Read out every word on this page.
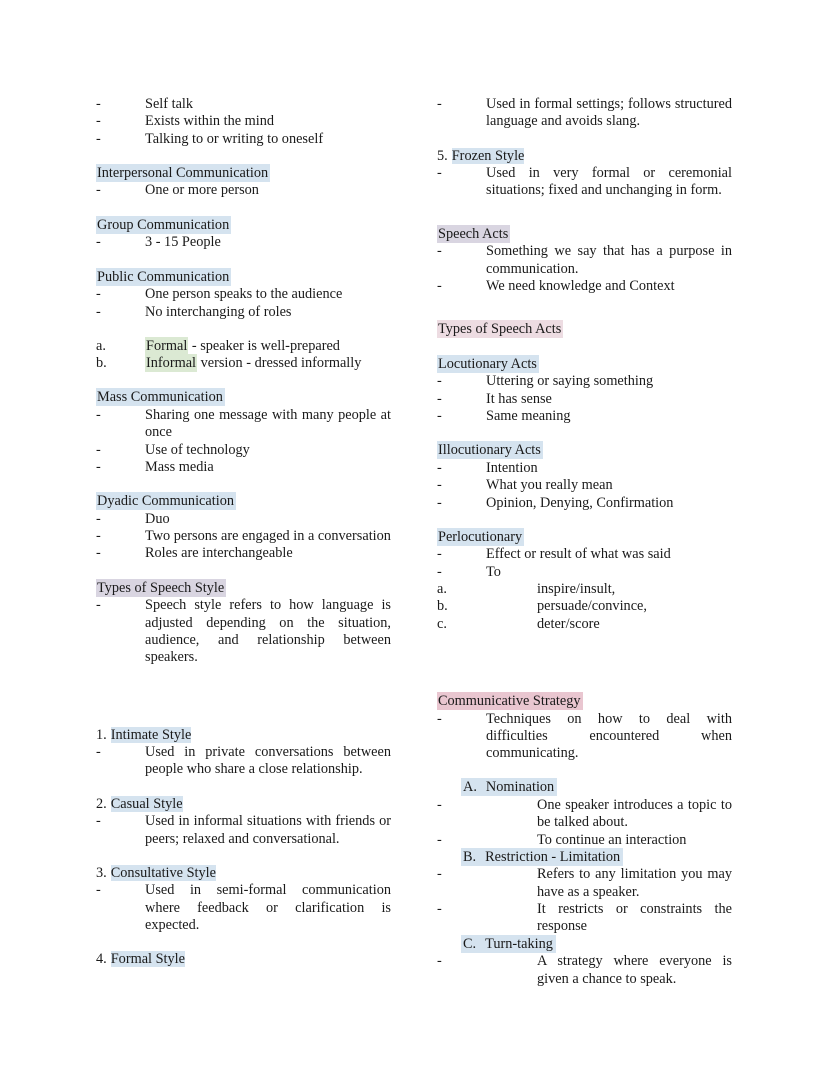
-	Self talk
-	Exists within the mind
-	Talking to or writing to oneself

Interpersonal Communication

-	One or more person

Group Communication

-	3 - 15 People

Public Communication

-	One person speaks to the audience
-	No interchanging of roles
a.	Formal - speaker is well-prepared
b.	Informal version - dressed informally

Mass Communication

-	Sharing one message with many people at once
-	Use of technology
-	Mass media

Dyadic Communication

-	Duo
-	Two persons are engaged in a conversation
-	Roles are interchangeable

Types of Speech Style

-	Speech style refers to how language is adjusted depending on the situation, audience, and relationship between speakers.

1. Intimate Style

-	Used in private conversations between people who share a close relationship.

2. Casual Style

-	Used in informal situations with friends or peers; relaxed and conversational.

3. Consultative Style

-	Used in semi-formal communication where feedback or clarification is expected.

4. Formal Style

-	Used in formal settings; follows structured language and avoids slang.

5. Frozen Style

-	Used in very formal or ceremonial situations; fixed and unchanging in form.

Speech Acts

-	Something we say that has a purpose in communication.
-	We need knowledge and Context

Types of Speech Acts

Locutionary Acts

-	Uttering or saying something
-	It has sense
-	Same meaning

Illocutionary Acts

-	Intention
-	What you really mean
-	Opinion, Denying, Confirmation

Perlocutionary

-	Effect or result of what was said
-	To
a.	inspire/insult,
b.	persuade/convince,
c.	deter/score

Communicative Strategy

-	Techniques on how to deal with difficulties encountered when communicating.

A. Nomination

-	One speaker introduces a topic to be talked about.
-	To continue an interaction

B. Restriction - Limitation

-	Refers to any limitation you may have as a speaker.
-	It restricts or constraints the response

C. Turn-taking

-	A strategy where everyone is given a chance to speak.
